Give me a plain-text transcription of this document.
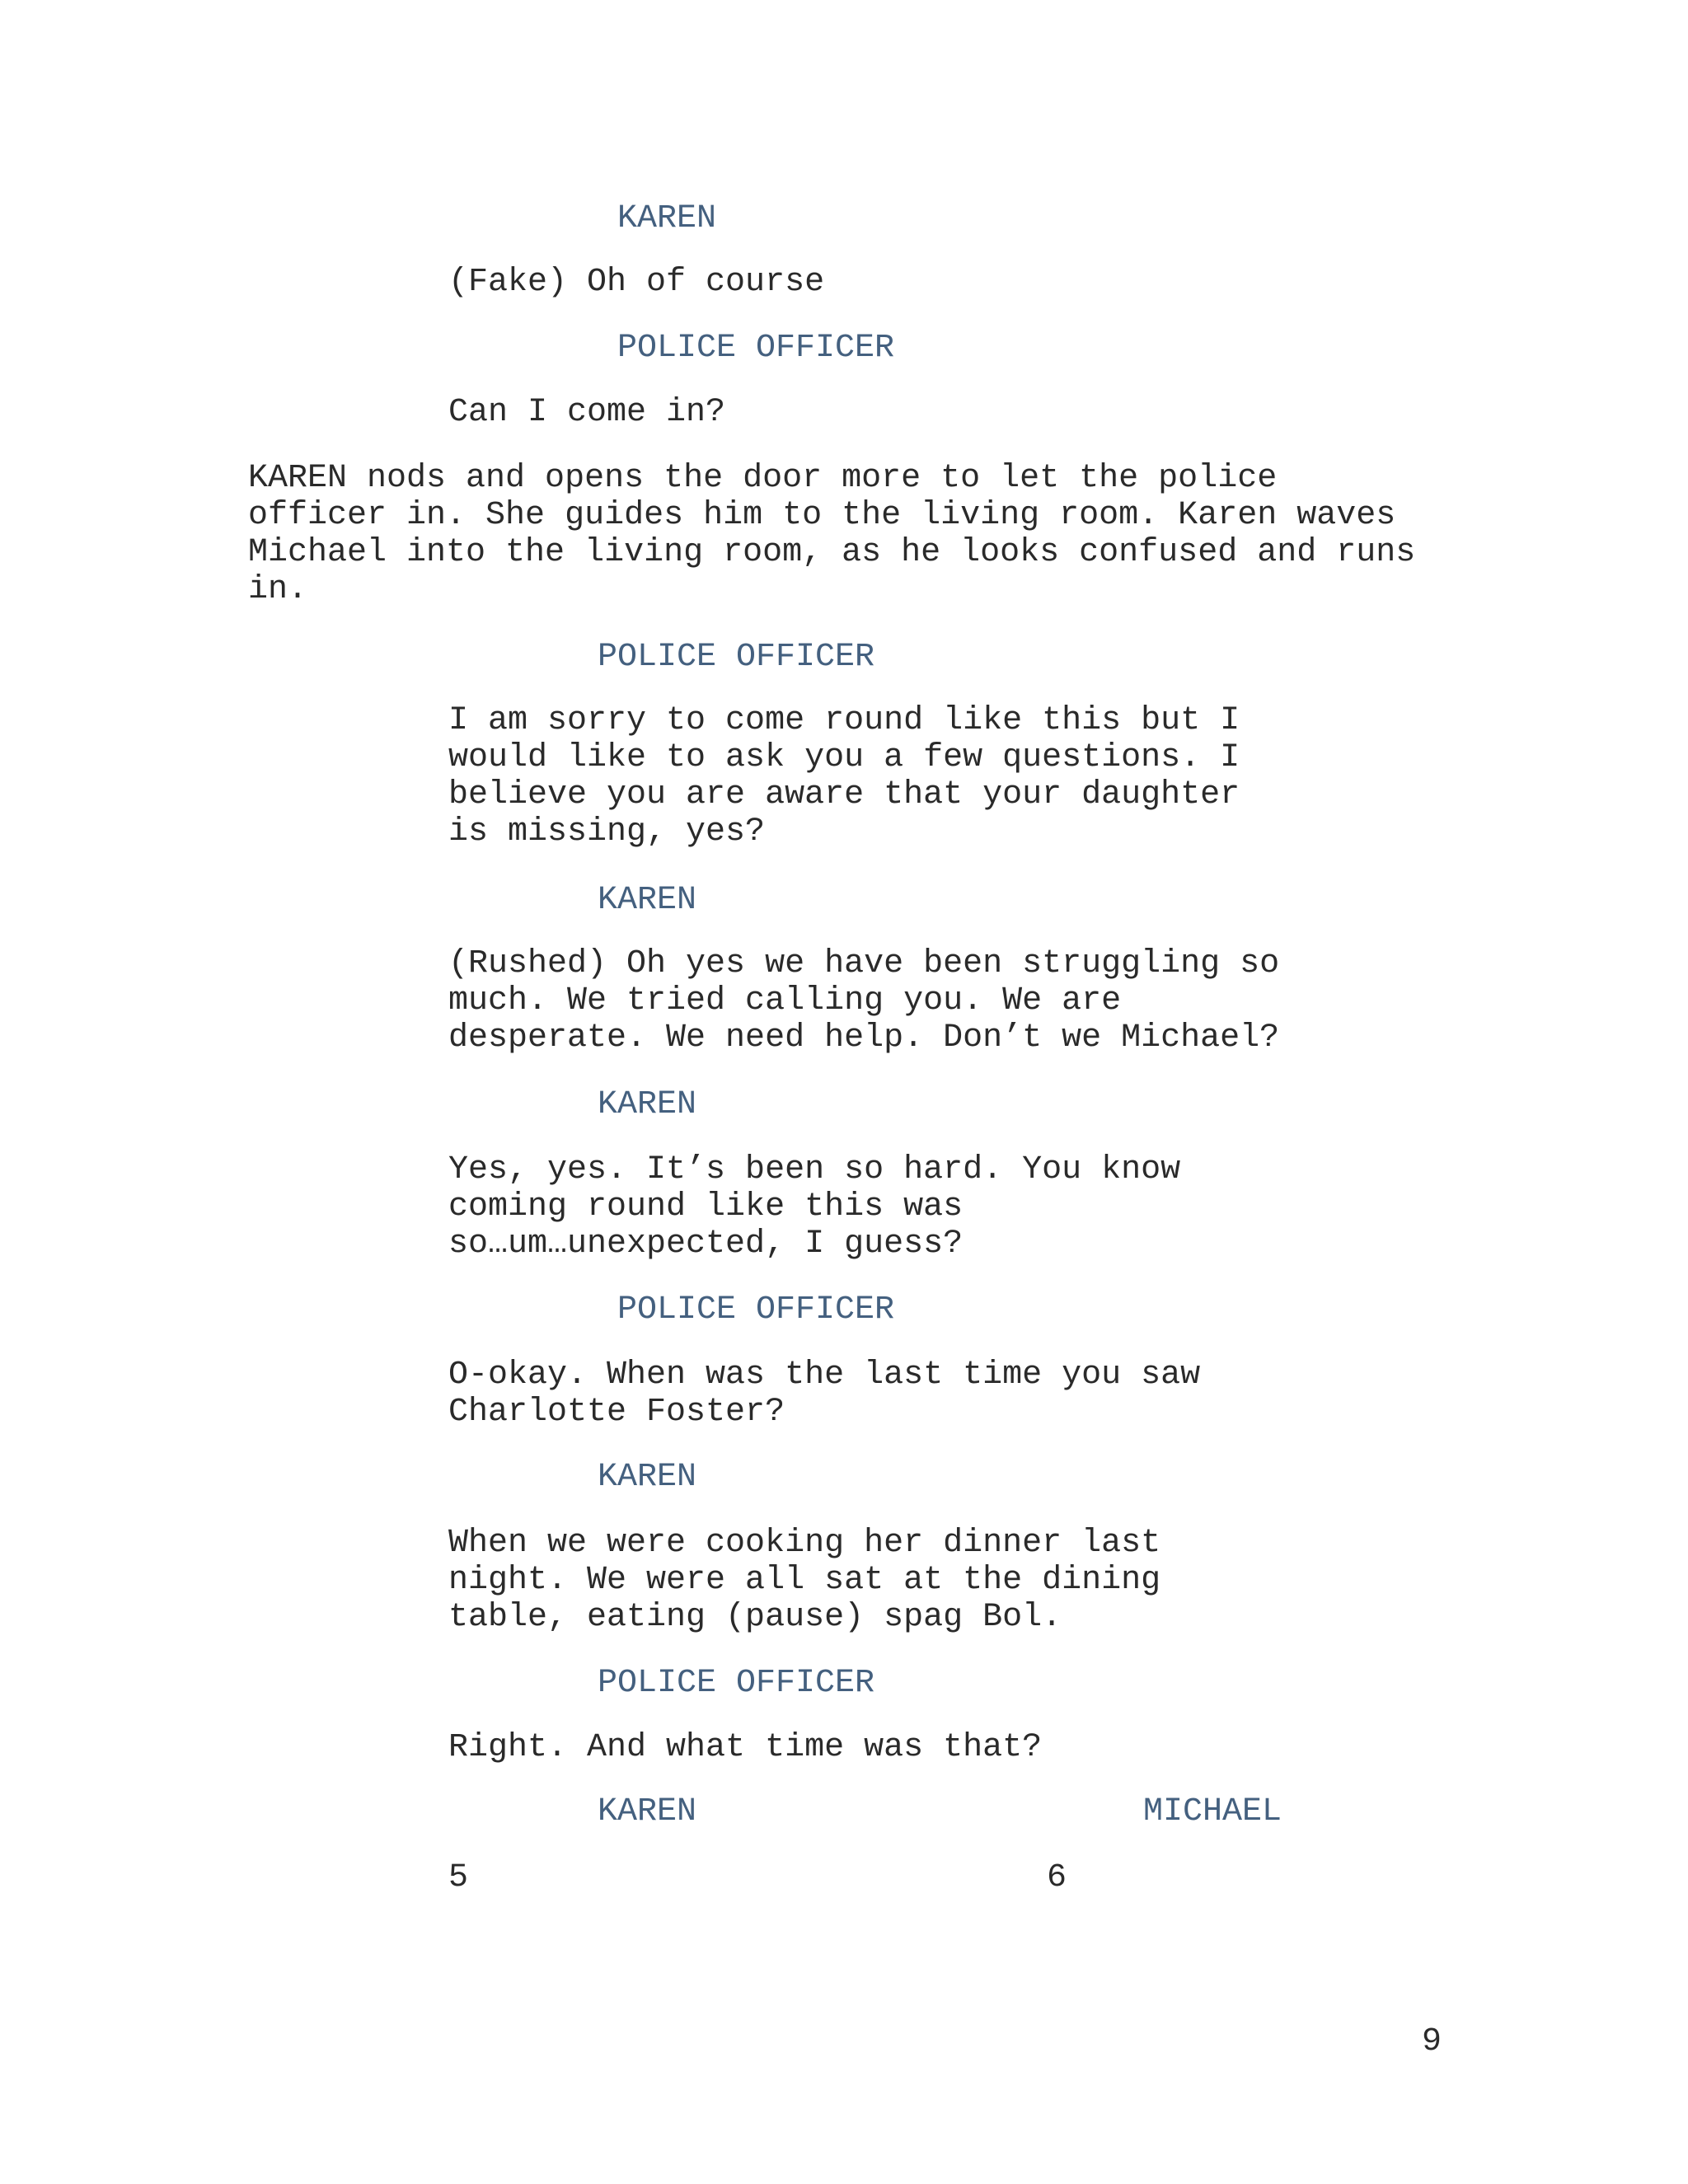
KAREN

(Fake) Oh of course

POLICE OFFICER

Can I come in?

KAREN nods and opens the door more to let the police
officer in. She guides him to the living room. Karen waves
Michael into the living room, as he looks confused and runs
in.

POLICE OFFICER

I am sorry to come round like this but I
would like to ask you a few questions. I
believe you are aware that your daughter
is missing, yes?

KAREN

(Rushed) Oh yes we have been struggling so
much. We tried calling you. We are
desperate. We need help. Don’t we Michael?

KAREN

Yes, yes. It’s been so hard. You know
coming round like this was
so…um…unexpected, I guess?

POLICE OFFICER

O-okay. When was the last time you saw
Charlotte Foster?

KAREN

When we were cooking her dinner last
night. We were all sat at the dining
table, eating (pause) spag Bol.

POLICE OFFICER

Right. And what time was that?

KAREN	MICHAEL

5	6

9
